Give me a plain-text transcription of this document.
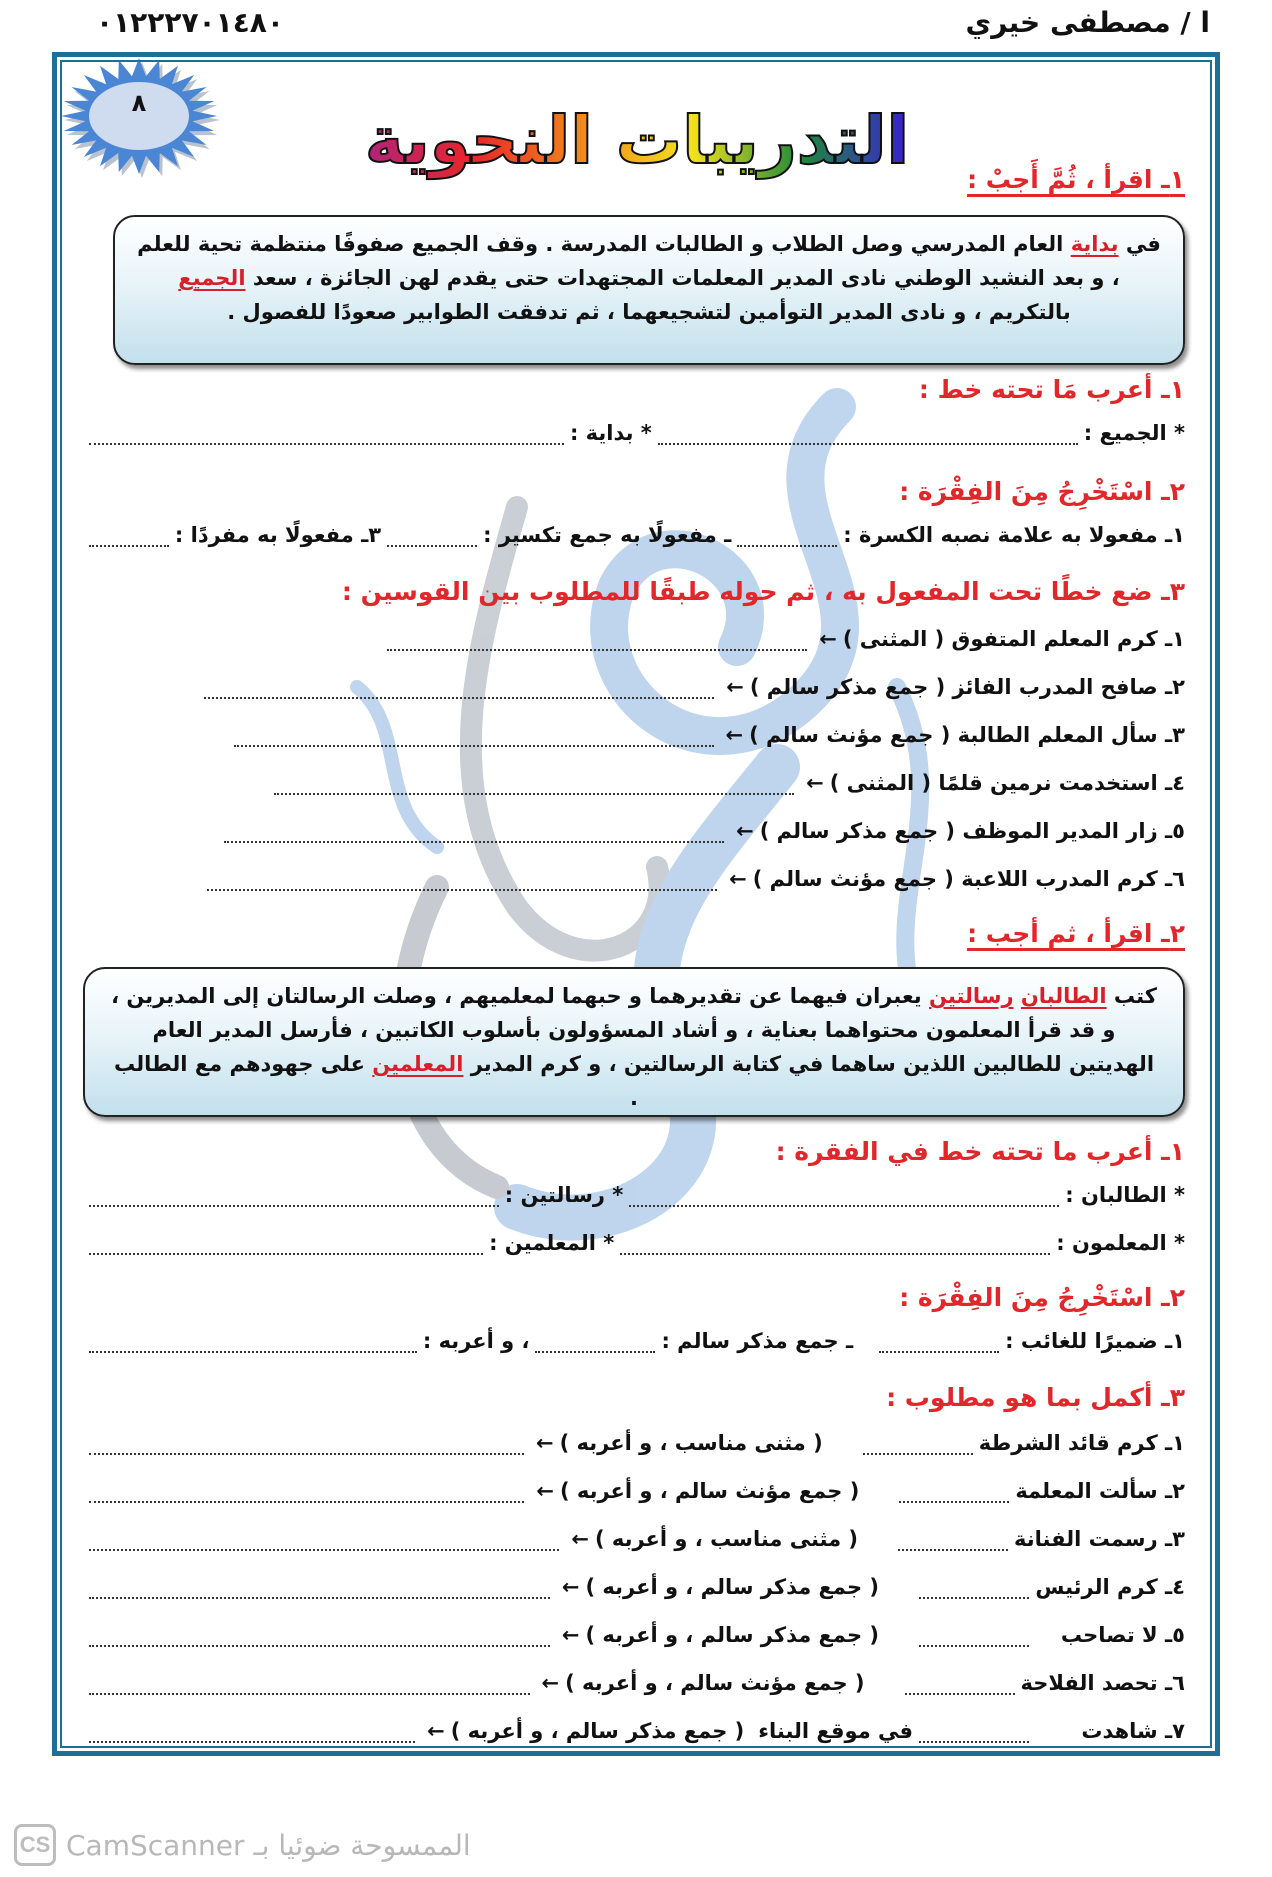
ا / مصطفى خيري
٠١٢٢٢٧٠١٤٨٠
٨	التدريبات النحوية
١ـ اقرأ ، ثُمَّ أَجبْ :
في بداية العام المدرسي وصل الطلاب و الطالبات المدرسة . وقف الجميع صفوفًا منتظمة تحية للعلم ، و بعد النشيد الوطني نادى المدير المعلمات المجتهدات حتى يقدم لهن الجائزة ، سعد الجميع بالتكريم ، و نادى المدير التوأمين لتشجيعهما ، ثم تدفقت الطوابير صعودًا للفصول .
١ـ أعرب مَا تحته خط :
* الجميع :
* بداية :
٢ـ اسْتَخْرِجُ مِنَ الفِقْرَة :
١ـ مفعولا به علامة نصبه الكسرة :
ـ مفعولًا به جمع تكسير :
٣ـ مفعولًا به مفردًا :
٣ـ ضع خطًا تحت المفعول به ، ثم حوله طبقًا للمطلوب بين القوسين :
١ـ كرم المعلم المتفوق ( المثنى )
←
٢ـ صافح المدرب الفائز ( جمع مذكر سالم )
←
٣ـ سأل المعلم الطالبة ( جمع مؤنث سالم )
←
٤ـ استخدمت نرمين قلمًا ( المثنى )
←
٥ـ زار المدير الموظف ( جمع مذكر سالم )
←
٦ـ كرم المدرب اللاعبة ( جمع مؤنث سالم )
←
٢ـ اقرأ ، ثم أجب :
كتب الطالبان رسالتين يعبران فيهما عن تقديرهما و حبهما لمعلميهم ، وصلت الرسالتان إلى المديرين ، و قد قرأ المعلمون محتواهما بعناية ، و أشاد المسؤولون بأسلوب الكاتبين ، فأرسل المدير العام الهديتين للطالبين اللذين ساهما في كتابة الرسالتين ، و كرم المدير المعلمين على جهودهم مع الطالب .
١ـ أعرب ما تحته خط في الفقرة :
* الطالبان :
* رسالتين :
* المعلمون :
* المعلمين :
٢ـ اسْتَخْرِجُ مِنَ الفِقْرَة :
١ـ ضميرًا للغائب :
ـ جمع مذكر سالم :
، و أعربه :
٣ـ أكمل بما هو مطلوب :
١ـ كرم قائد الشرطة
( مثنى مناسب ، و أعربه )
←
٢ـ سألت المعلمة
( جمع مؤنث سالم ، و أعربه )
←
٣ـ رسمت الفنانة
( مثنى مناسب ، و أعربه )
←
٤ـ كرم الرئيس
( جمع مذكر سالم ، و أعربه )
←
٥ـ لا تصاحب
( جمع مذكر سالم ، و أعربه )
←
٦ـ تحصد الفلاحة
( جمع مؤنث سالم ، و أعربه )
←
٧ـ شاهدت
في موقع البناء
( جمع مذكر سالم ، و أعربه )
←
CS الممسوحة ضوئيا بـ CamScanner
